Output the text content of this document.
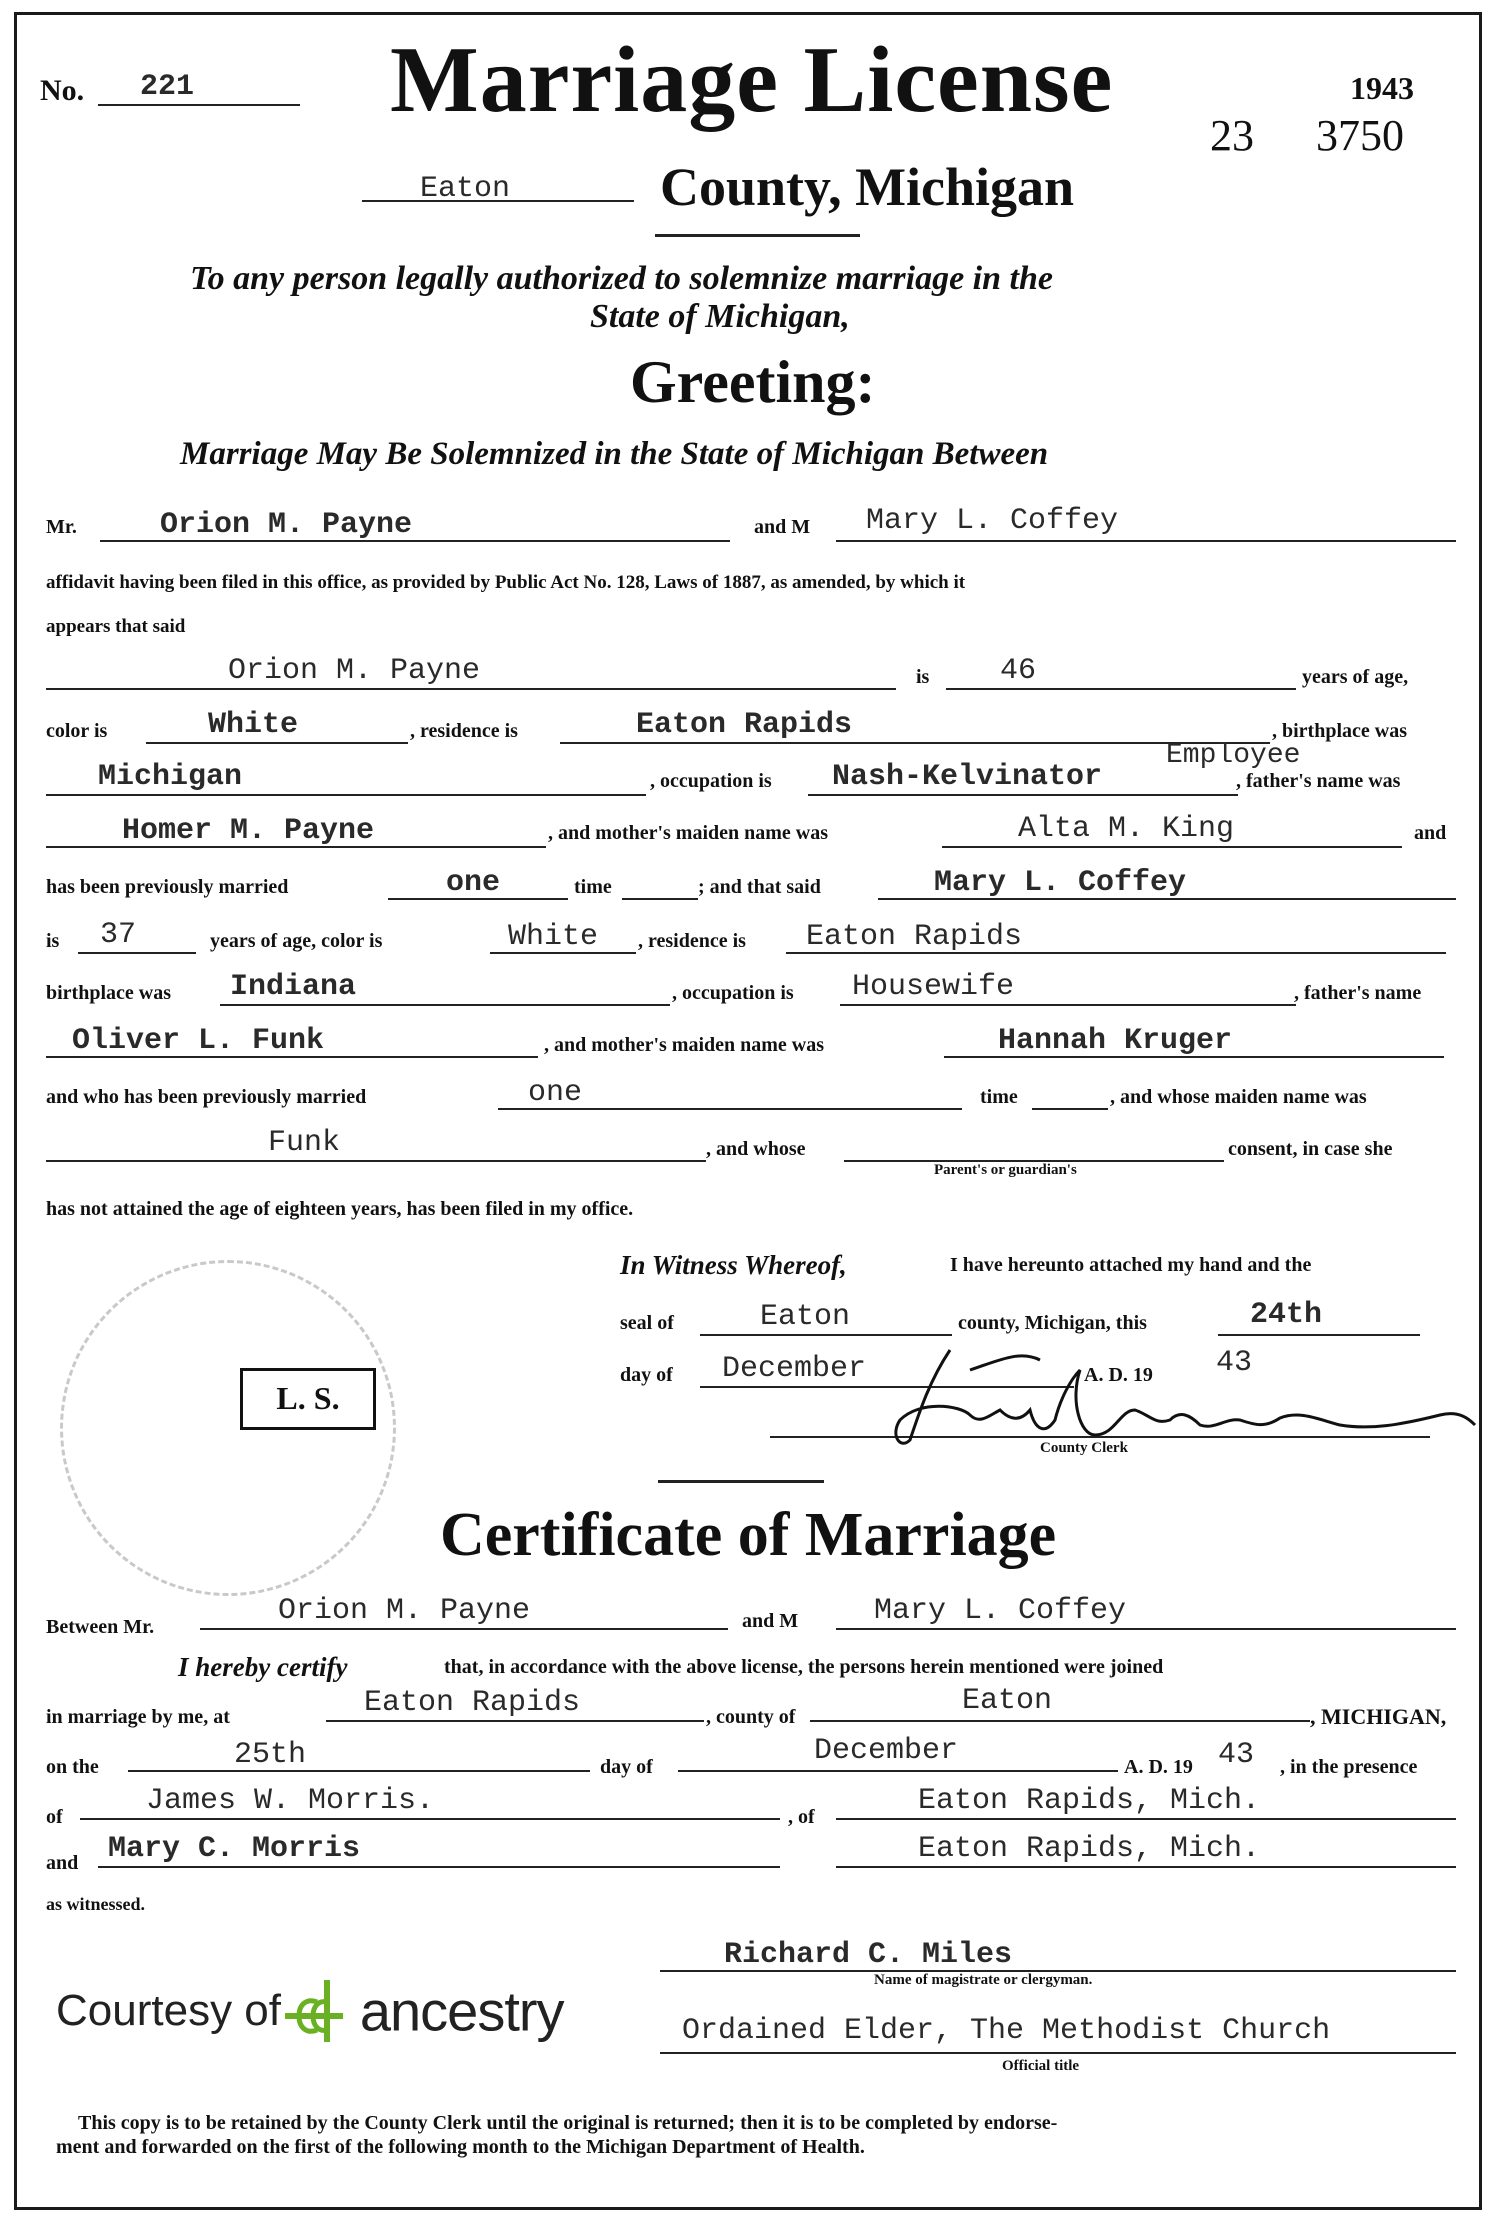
No. 221 Marriage License	1943
23 3750
Eaton	County, Michigan
To any person legally authorized to solemnize marriage in the
State of Michigan,
Greeting:
Marriage May Be Solemnized in the State of Michigan Between
Mr.	Orion M. Payne	and M Mary L. Coffey
affidavit having been filed in this office, as provided by Public Act No. 128, Laws of 1887, as amended, by which it
appears that said
Orion M. Payne	is 46	years of age,
color is	White	, residence is	Eaton Rapids	, birthplace was
Michigan	, occupation is Nash-Kelvinator
Employee
, father's name was
Homer M. Payne	, and mother's maiden name was	Alta M. King	and
has been previously married	one	time	; and that said	Mary L. Coffey
is 37	years of age, color is	White , residence is Eaton Rapids
birthplace was Indiana	, occupation is Housewife	, father's name
Oliver L. Funk	, and mother's maiden name was	Hannah Kruger
and who has been previously married	one	time	, and whose maiden name was
Funk	, and whose
Parent's or guardian's
consent, in case she
has not attained the age of eighteen years, has been filed in my office.
In Witness Whereof,	I have hereunto attached my hand and the
seal of	Eaton	county, Michigan, this	24th
day of December	A. D. 19 43
County Clerk
L. S.
Certificate of Marriage
Between Mr.	Orion M. Payne	and M	Mary L. Coffey
I hereby certify	that, in accordance with the above license, the persons herein mentioned were joined
in marriage by me, at	Eaton Rapids	, county of	Eaton	, MICHIGAN,
on the	25th	day of	December	A. D. 19 43 , in the presence
of	James W. Morris.	, of	Eaton Rapids, Mich.
and Mary C. Morris	Eaton Rapids, Mich.
as witnessed.
Richard C. Miles
Name of magistrate or clergyman.
Ordained Elder, The Methodist Church
Official title
Courtesy of ancestry
This copy is to be retained by the County Clerk until the original is returned; then it is to be completed by endorse-
ment and forwarded on the first of the following month to the Michigan Department of Health.
